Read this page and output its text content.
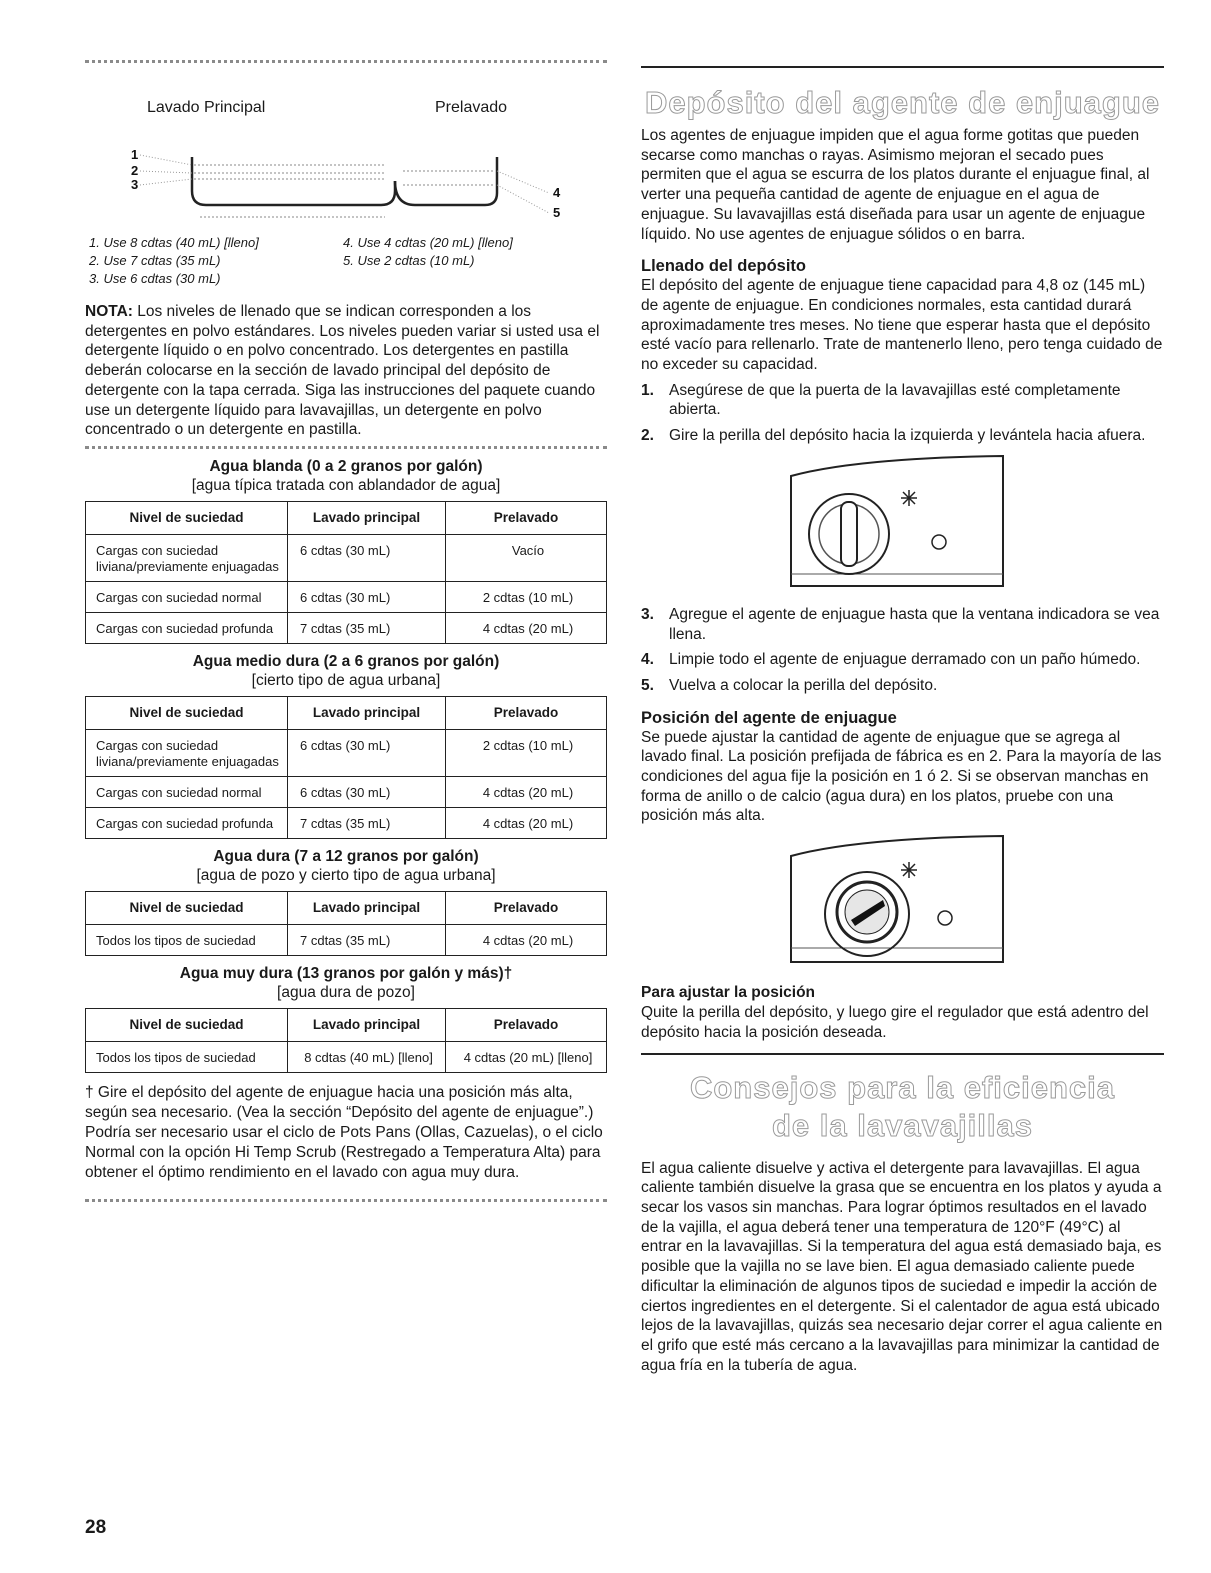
Lavado Principal	Prelavado
1
2
3
4
5
1. Use 8 cdtas (40 mL) [lleno]
2. Use 7 cdtas (35 mL)
3. Use 6 cdtas (30 mL)
4. Use 4 cdtas (20 mL) [lleno]
5. Use 2 cdtas (10 mL)

NOTA: Los niveles de llenado que se indican corresponden a los detergentes en polvo estándares. Los niveles pueden variar si usted usa el detergente líquido o en polvo concentrado. Los detergentes en pastilla deberán colocarse en la sección de lavado principal del depósito de detergente con la tapa cerrada. Siga las instrucciones del paquete cuando use un detergente líquido para lavavajillas, un detergente en polvo concentrado o un detergente en pastilla.

Agua blanda (0 a 2 granos por galón)
[agua típica tratada con ablandador de agua]
Nivel de suciedad	Lavado principal	Prelavado
Cargas con suciedad liviana/previamente enjuagadas	6 cdtas (30 mL)	Vacío
Cargas con suciedad normal	6 cdtas (30 mL)	2 cdtas (10 mL)
Cargas con suciedad profunda	7 cdtas (35 mL)	4 cdtas (20 mL)
Agua medio dura (2 a 6 granos por galón)
[cierto tipo de agua urbana]
Nivel de suciedad	Lavado principal	Prelavado
Cargas con suciedad liviana/previamente enjuagadas	6 cdtas (30 mL)	2 cdtas (10 mL)
Cargas con suciedad normal	6 cdtas (30 mL)	4 cdtas (20 mL)
Cargas con suciedad profunda	7 cdtas (35 mL)	4 cdtas (20 mL)
Agua dura (7 a 12 granos por galón)
[agua de pozo y cierto tipo de agua urbana]
Nivel de suciedad	Lavado principal	Prelavado
Todos los tipos de suciedad	7 cdtas (35 mL)	4 cdtas (20 mL)
Agua muy dura (13 granos por galón y más)†
[agua dura de pozo]
Nivel de suciedad	Lavado principal	Prelavado
Todos los tipos de suciedad	8 cdtas (40 mL) [lleno]	4 cdtas (20 mL) [lleno]

† Gire el depósito del agente de enjuague hacia una posición más alta, según sea necesario. (Vea la sección “Depósito del agente de enjuague”.) Podría ser necesario usar el ciclo de Pots Pans (Ollas, Cazuelas), o el ciclo Normal con la opción Hi Temp Scrub (Restregado a Temperatura Alta) para obtener el óptimo rendimiento en el lavado con agua muy dura.

28
Depósito del agente de enjuague

Los agentes de enjuague impiden que el agua forme gotitas que pueden secarse como manchas o rayas. Asimismo mejoran el secado pues permiten que el agua se escurra de los platos durante el enjuague final, al verter una pequeña cantidad de agente de enjuague en el agua de enjuague. Su lavavajillas está diseñada para usar un agente de enjuague líquido. No use agentes de enjuague sólidos o en barra.

Llenado del depósito

El depósito del agente de enjuague tiene capacidad para 4,8 oz (145 mL) de agente de enjuague. En condiciones normales, esta cantidad durará aproximadamente tres meses. No tiene que esperar hasta que el depósito esté vacío para rellenarlo. Trate de mantenerlo lleno, pero tenga cuidado de no exceder su capacidad.

1. Asegúrese de que la puerta de la lavavajillas esté completamente abierta.
2. Gire la perilla del depósito hacia la izquierda y levántela hacia afuera.
3. Agregue el agente de enjuague hasta que la ventana indicadora se vea llena.
4. Limpie todo el agente de enjuague derramado con un paño húmedo.
5. Vuelva a colocar la perilla del depósito.
Posición del agente de enjuague

Se puede ajustar la cantidad de agente de enjuague que se agrega al lavado final. La posición prefijada de fábrica es en 2. Para la mayoría de las condiciones del agua fije la posición en 1 ó 2. Si se observan manchas en forma de anillo o de calcio (agua dura) en los platos, pruebe con una posición más alta.

Para ajustar la posición

Quite la perilla del depósito, y luego gire el regulador que está adentro del depósito hacia la posición deseada.

Consejos para la eficiencia
de la lavavajillas

El agua caliente disuelve y activa el detergente para lavavajillas. El agua caliente también disuelve la grasa que se encuentra en los platos y ayuda a secar los vasos sin manchas. Para lograr óptimos resultados en el lavado de la vajilla, el agua deberá tener una temperatura de 120°F (49°C) al entrar en la lavavajillas. Si la temperatura del agua está demasiado baja, es posible que la vajilla no se lave bien. El agua demasiado caliente puede dificultar la eliminación de algunos tipos de suciedad e impedir la acción de ciertos ingredientes en el detergente. Si el calentador de agua está ubicado lejos de la lavavajillas, quizás sea necesario dejar correr el agua caliente en el grifo que esté más cercano a la lavavajillas para minimizar la cantidad de agua fría en la tubería de agua.
